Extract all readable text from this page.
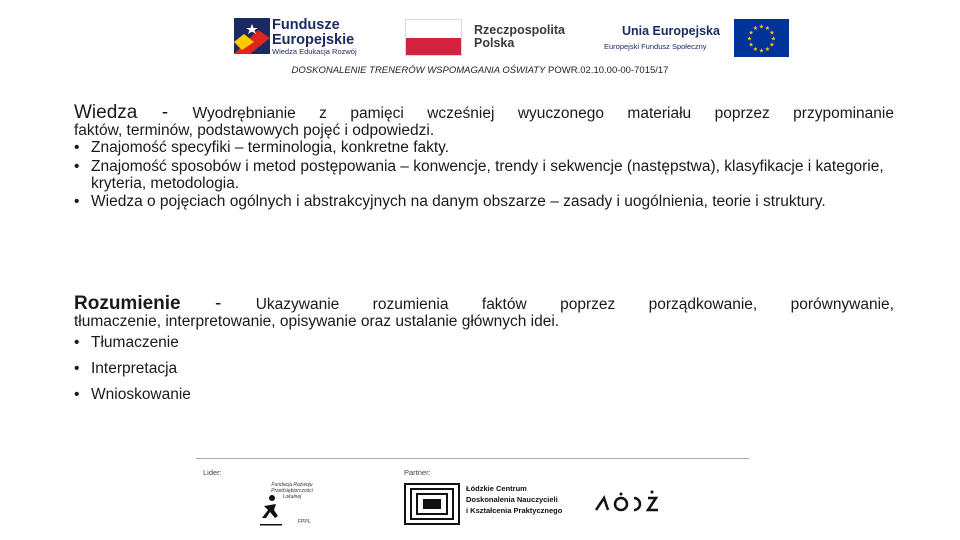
Fundusze
Europejskie
Wiedza Edukacja Rozwój
Rzeczpospolita
Polska
Unia Europejska
Europejski Fundusz Społeczny
★ ★
★
★
★
★
★
★
★
★
★
★
DOSKONALENIE TRENERÓW WSPOMAGANIA OŚWIATY POWR.02.10.00-00-7015/17

Wiedza - Wyodrębnianie z pamięci wcześniej wyuczonego materiału poprzez przypominanie

faktów, terminów, podstawowych pojęć i odpowiedzi.

• Znajomość specyfiki – terminologia, konkretne fakty.
• Znajomość sposobów i metod postępowania – konwencje, trendy i sekwencje (następstwa), klasyfikacje i kategorie, kryteria, metodologia.
• Wiedza o pojęciach ogólnych i abstrakcyjnych na danym obszarze – zasady i uogólnienia, teorie i struktury.

Rozumienie - Ukazywanie rozumienia faktów poprzez porządkowanie, porównywanie,

tłumaczenie, interpretowanie, opisywanie oraz ustalanie głównych idei.

• Tłumaczenie
• Interpretacja
• Wnioskowanie
Lider:	Partner:
Fundacja Rozwoju Przedsiębiorczości Lokalnej
FPPL
Łódzkie Centrum
Doskonalenia Nauczycieli
i Kształcenia Praktycznego
